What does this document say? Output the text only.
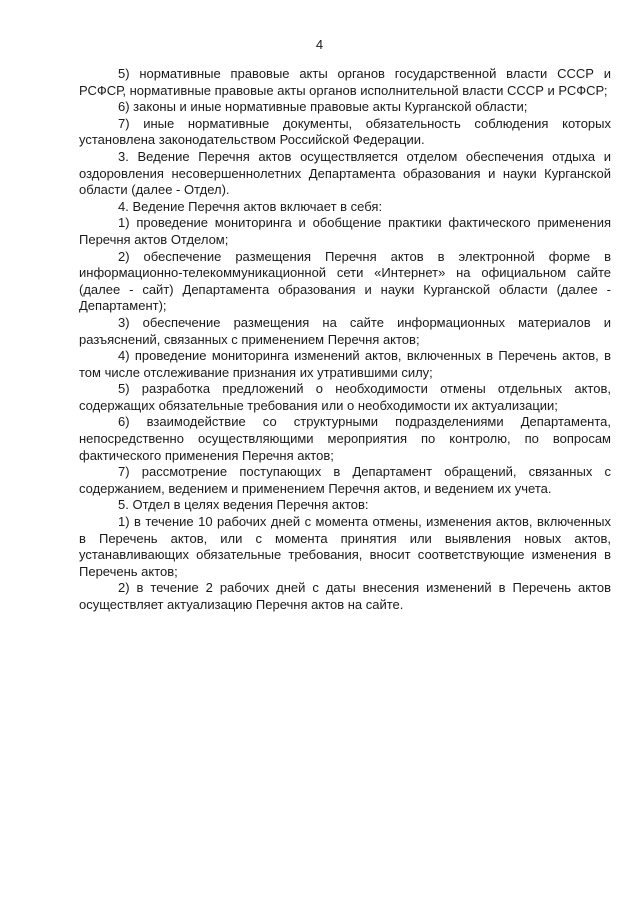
4

5) нормативные правовые акты органов государственной власти СССР и РСФСР, нормативные правовые акты органов исполнительной власти СССР и РСФСР;

6) законы и иные нормативные правовые акты Курганской области;

7) иные нормативные документы, обязательность соблюдения которых установлена законодательством Российской Федерации.

3. Ведение Перечня актов осуществляется отделом обеспечения отдыха и оздоровления несовершеннолетних Департамента образования и науки Курганской области (далее - Отдел).

4. Ведение Перечня актов включает в себя:

1) проведение мониторинга и обобщение практики фактического применения Перечня актов Отделом;

2) обеспечение размещения Перечня актов в электронной форме в информационно-телекоммуникационной сети «Интернет» на официальном сайте (далее - сайт) Департамента образования и науки Курганской области (далее - Департамент);

3) обеспечение размещения на сайте информационных материалов и разъяснений, связанных с применением Перечня актов;

4) проведение мониторинга изменений актов, включенных в Перечень актов, в том числе отслеживание признания их утратившими силу;

5) разработка предложений о необходимости отмены отдельных актов, содержащих обязательные требования или о необходимости их актуализации;

6) взаимодействие со структурными подразделениями Департамента, непосредственно осуществляющими мероприятия по контролю, по вопросам фактического применения Перечня актов;

7) рассмотрение поступающих в Департамент обращений, связанных с содержанием, ведением и применением Перечня актов, и ведением их учета.

5. Отдел в целях ведения Перечня актов:

1) в течение 10 рабочих дней с момента отмены, изменения актов, включенных в Перечень актов, или с момента принятия или выявления новых актов, устанавливающих обязательные требования, вносит соответствующие изменения в Перечень актов;

2) в течение 2 рабочих дней с даты внесения изменений в Перечень актов осуществляет актуализацию Перечня актов на сайте.
